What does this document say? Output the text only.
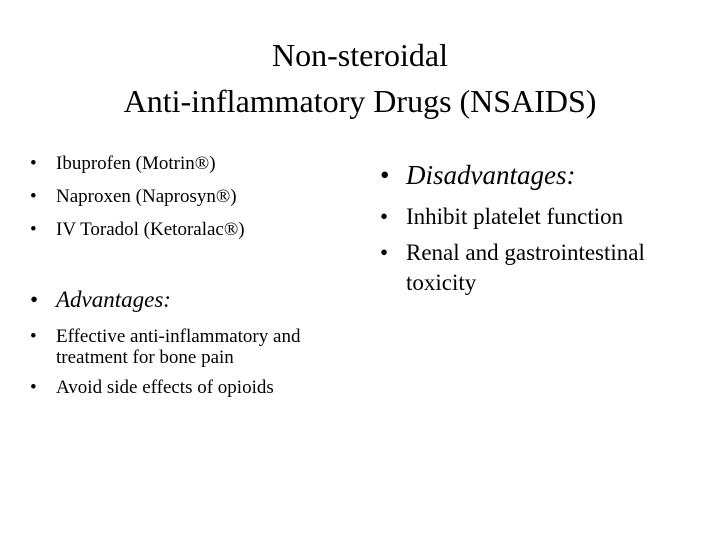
Non-steroidal
Anti-inflammatory Drugs (NSAIDS)
• Ibuprofen (Motrin®)
• Naproxen (Naprosyn®)
• IV Toradol (Ketoralac®)
• Advantages:
• Effective anti-inflammatory and treatment for bone pain
• Avoid side effects of opioids
• Disadvantages:
• Inhibit platelet function
• Renal and gastrointestinal toxicity
